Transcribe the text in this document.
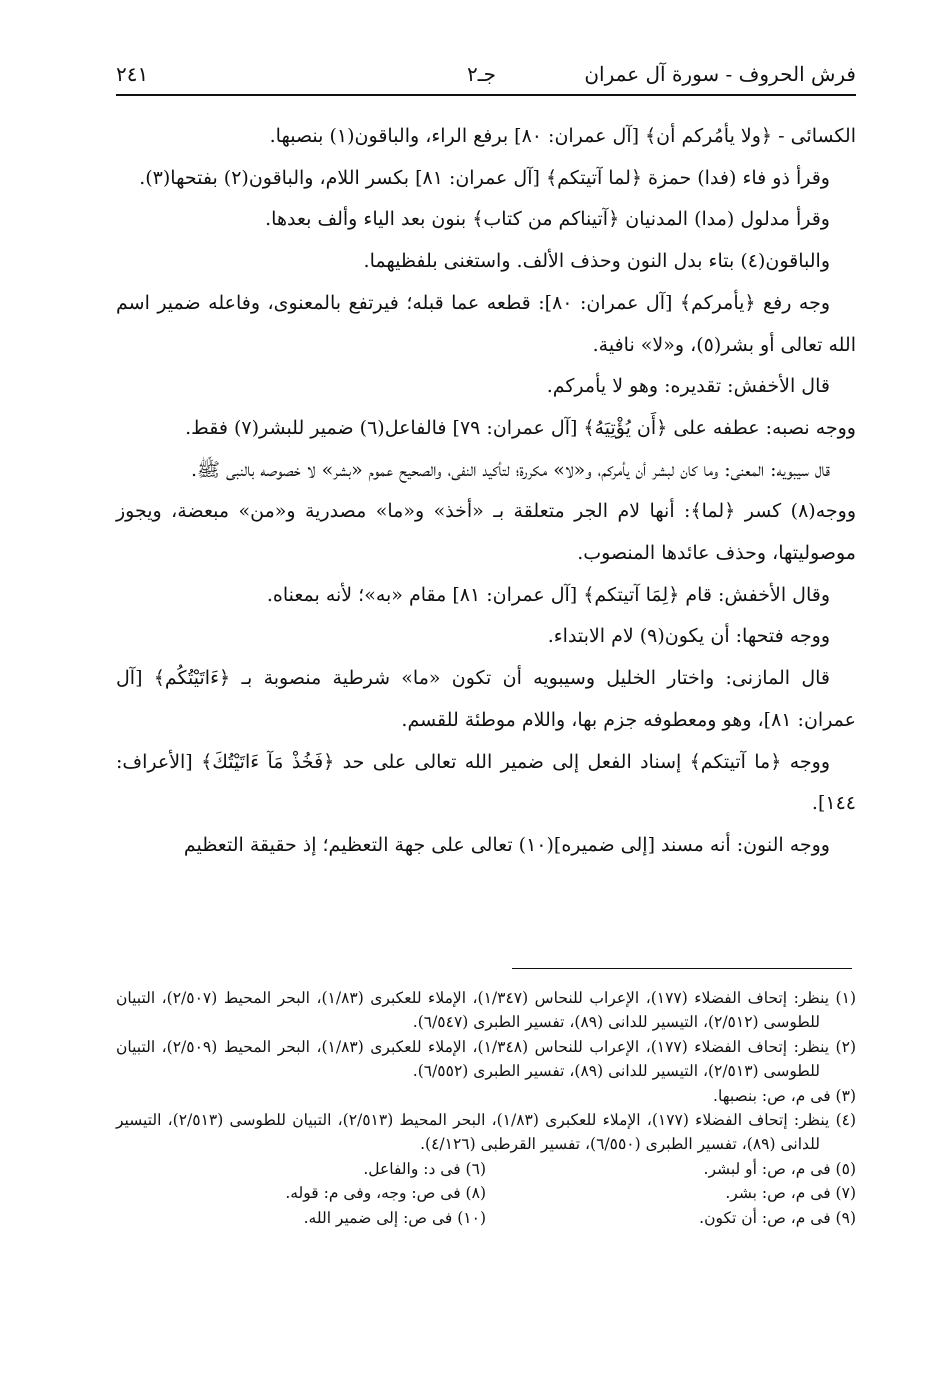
فرش الحروف - سورة آل عمران
جـ٢
٢٤١

الكسائى - ﴿ولا يأمُركم أن﴾ [آل عمران: ٨٠] برفع الراء، والباقون(١) بنصبها.

وقرأ ذو فاء (فدا) حمزة ﴿لما آتيتكم﴾ [آل عمران: ٨١] بكسر اللام، والباقون(٢) بفتحها(٣).

وقرأ مدلول (مدا) المدنيان ﴿آتيناكم من كتاب﴾ بنون بعد الياء وألف بعدها.

والباقون(٤) بتاء بدل النون وحذف الألف. واستغنى بلفظيهما.

وجه رفع ﴿يأمركم﴾ [آل عمران: ٨٠]: قطعه عما قبله؛ فيرتفع بالمعنوى، وفاعله ضمير اسم الله تعالى أو بشر(٥)، و«لا» نافية.

قال الأخفش: تقديره: وهو لا يأمركم.

ووجه نصبه: عطفه على ﴿أَن يُؤْتِيَهُ﴾ [آل عمران: ٧٩] فالفاعل(٦) ضمير للبشر(٧) فقط.

قال سيبويه: المعنى: وما كان لبشر أن يأمركم، و«لا» مكررة؛ لتأكيد النفى، والصحيح عموم «بشر» لا خصوصه بالنبى ﷺ.

ووجه(٨) كسر ﴿لما﴾: أنها لام الجر متعلقة بـ «أخذ» و«ما» مصدرية و«من» مبعضة، ويجوز موصوليتها، وحذف عائدها المنصوب.

وقال الأخفش: قام ﴿لِمَا آتيتكم﴾ [آل عمران: ٨١] مقام «به»؛ لأنه بمعناه.

ووجه فتحها: أن يكون(٩) لام الابتداء.

قال المازنى: واختار الخليل وسيبويه أن تكون «ما» شرطية منصوبة بـ ﴿ءَاتَيْتُكُم﴾ [آل عمران: ٨١]، وهو ومعطوفه جزم بها، واللام موطئة للقسم.

ووجه ﴿ما آتيتكم﴾ إسناد الفعل إلى ضمير الله تعالى على حد ﴿فَخُذْ مَآ ءَاتَيْتُكَ﴾ [الأعراف: ١٤٤].

ووجه النون: أنه مسند [إلى ضميره](١٠) تعالى على جهة التعظيم؛ إذ حقيقة التعظيم

(١) ينظر: إتحاف الفضلاء (١٧٧)، الإعراب للنحاس (١/٣٤٧)، الإملاء للعكبرى (١/٨٣)، البحر المحيط (٢/٥٠٧)، التبيان للطوسى (٢/٥١٢)، التيسير للدانى (٨٩)، تفسير الطبرى (٦/٥٤٧).
(٢) ينظر: إتحاف الفضلاء (١٧٧)، الإعراب للنحاس (١/٣٤٨)، الإملاء للعكبرى (١/٨٣)، البحر المحيط (٢/٥٠٩)، التبيان للطوسى (٢/٥١٣)، التيسير للدانى (٨٩)، تفسير الطبرى (٦/٥٥٢).
(٣) فى م، ص: بنصبها.
(٤) ينظر: إتحاف الفضلاء (١٧٧)، الإملاء للعكبرى (١/٨٣)، البحر المحيط (٢/٥١٣)، التبيان للطوسى (٢/٥١٣)، التيسير للدانى (٨٩)، تفسير الطبرى (٦/٥٥٠)، تفسير القرطبى (٤/١٢٦).
(٥) فى م، ص: أو لبشر.
(٦) فى د: والفاعل.
(٧) فى م، ص: بشر.
(٨) فى ص: وجه، وفى م: قوله.
(٩) فى م، ص: أن تكون.
(١٠) فى ص: إلى ضمير الله.
